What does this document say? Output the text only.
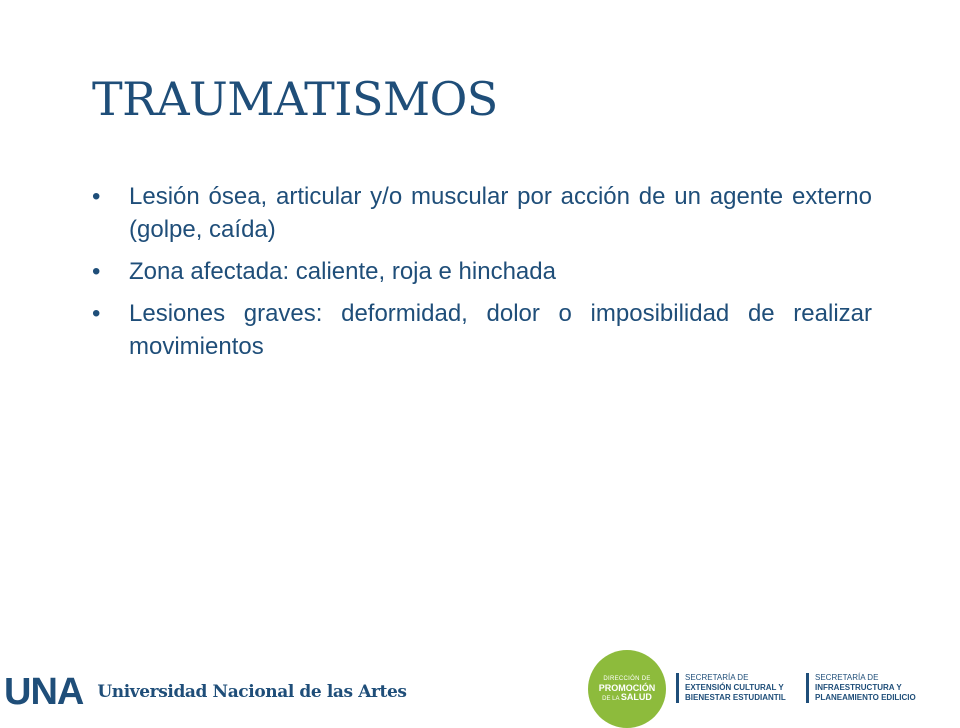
TRAUMATISMOS
• Lesión ósea, articular y/o muscular por acción de un agente externo (golpe, caída)
• Zona afectada: caliente, roja e hinchada
• Lesiones graves: deformidad, dolor o imposibilidad de realizar movimientos
UNA Universidad Nacional de las Artes
DIRECCIÓN DE
PROMOCIÓN
DE LA SALUD
SECRETARÍA DE
EXTENSIÓN CULTURAL Y
BIENESTAR ESTUDIANTIL
SECRETARÍA DE
INFRAESTRUCTURA Y
PLANEAMIENTO EDILICIO
